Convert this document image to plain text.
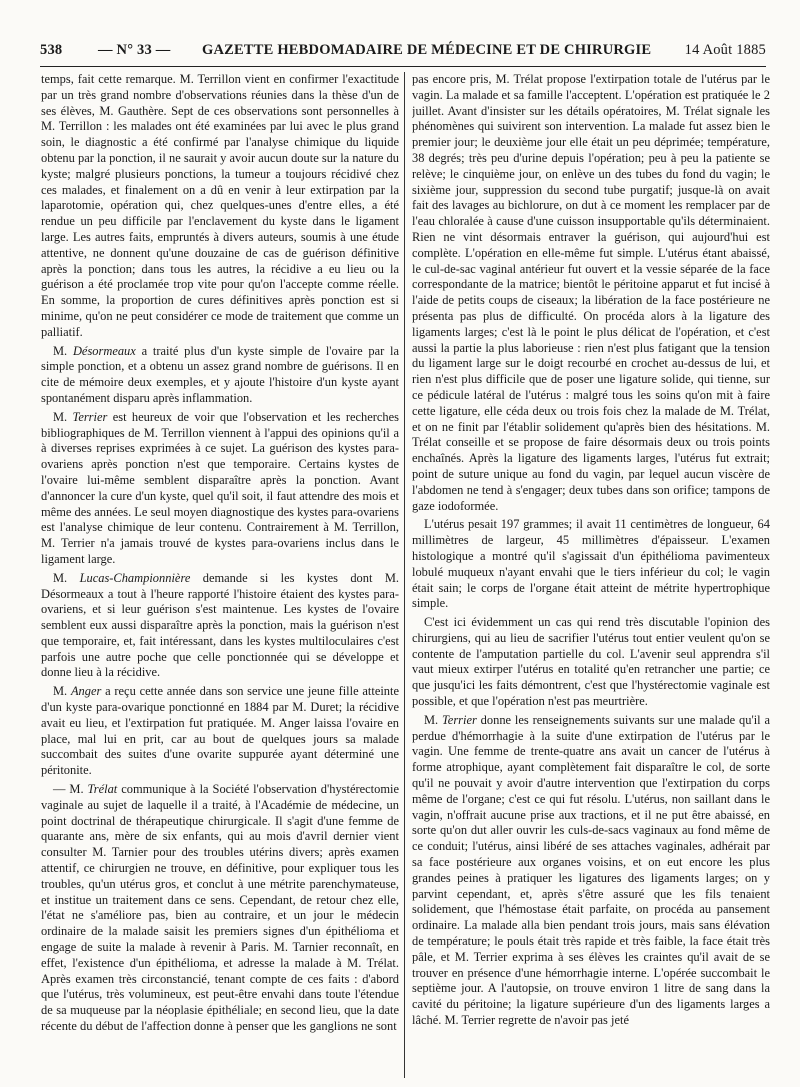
538 — N° 33 — GAZETTE HEBDOMADAIRE DE MÉDECINE ET DE CHIRURGIE 14 Août 1885

temps, fait cette remarque. M. Terrillon vient en confirmer l'exactitude par un très grand nombre d'observations réunies dans la thèse d'un de ses élèves, M. Gauthère. Sept de ces observations sont personnelles à M. Terrillon : les malades ont été examinées par lui avec le plus grand soin, le diagnostic a été confirmé par l'analyse chimique du liquide obtenu par la ponction, il ne saurait y avoir aucun doute sur la nature du kyste; malgré plusieurs ponctions, la tumeur a toujours récidivé chez ces malades, et finalement on a dû en venir à leur extirpation par la laparotomie, opération qui, chez quelques-unes d'entre elles, a été rendue un peu difficile par l'enclavement du kyste dans le ligament large. Les autres faits, empruntés à divers auteurs, soumis à une étude attentive, ne donnent qu'une douzaine de cas de guérison définitive après la ponction; dans tous les autres, la récidive a eu lieu ou la guérison a été proclamée trop vite pour qu'on l'accepte comme réelle. En somme, la proportion de cures définitives après ponction est si minime, qu'on ne peut considérer ce mode de traitement que comme un palliatif.

M. Désormeaux a traité plus d'un kyste simple de l'ovaire par la simple ponction, et a obtenu un assez grand nombre de guérisons. Il en cite de mémoire deux exemples, et y ajoute l'histoire d'un kyste ayant spontanément disparu après inflammation.

M. Terrier est heureux de voir que l'observation et les recherches bibliographiques de M. Terrillon viennent à l'appui des opinions qu'il a à diverses reprises exprimées à ce sujet. La guérison des kystes para-ovariens après ponction n'est que temporaire. Certains kystes de l'ovaire lui-même semblent disparaître après la ponction. Avant d'annoncer la cure d'un kyste, quel qu'il soit, il faut attendre des mois et même des années. Le seul moyen diagnostique des kystes para-ovariens est l'analyse chimique de leur contenu. Contrairement à M. Terrillon, M. Terrier n'a jamais trouvé de kystes para-ovariens inclus dans le ligament large.

M. Lucas-Championnière demande si les kystes dont M. Désormeaux a tout à l'heure rapporté l'histoire étaient des kystes para-ovariens, et si leur guérison s'est maintenue. Les kystes de l'ovaire semblent eux aussi disparaître après la ponction, mais la guérison n'est que temporaire, et, fait intéressant, dans les kystes multiloculaires c'est parfois une autre poche que celle ponctionnée qui se développe et donne lieu à la récidive.

M. Anger a reçu cette année dans son service une jeune fille atteinte d'un kyste para-ovarique ponctionné en 1884 par M. Duret; la récidive avait eu lieu, et l'extirpation fut pratiquée. M. Anger laissa l'ovaire en place, mal lui en prit, car au bout de quelques jours sa malade succombait des suites d'une ovarite suppurée ayant déterminé une péritonite.

— M. Trélat communique à la Société l'observation d'hystérectomie vaginale au sujet de laquelle il a traité, à l'Académie de médecine, un point doctrinal de thérapeutique chirurgicale. Il s'agit d'une femme de quarante ans, mère de six enfants, qui au mois d'avril dernier vient consulter M. Tarnier pour des troubles utérins divers; après examen attentif, ce chirurgien ne trouve, en définitive, pour expliquer tous les troubles, qu'un utérus gros, et conclut à une métrite parenchymateuse, et institue un traitement dans ce sens. Cependant, de retour chez elle, l'état ne s'améliore pas, bien au contraire, et un jour le médecin ordinaire de la malade saisit les premiers signes d'un épithélioma et engage de suite la malade à revenir à Paris. M. Tarnier reconnaît, en effet, l'existence d'un épithélioma, et adresse la malade à M. Trélat. Après examen très circonstancié, tenant compte de ces faits : d'abord que l'utérus, très volumineux, est peut-être envahi dans toute l'étendue de sa muqueuse par la néoplasie épithéliale; en second lieu, que la date récente du début de l'affection donne à penser que les ganglions ne sont

pas encore pris, M. Trélat propose l'extirpation totale de l'utérus par le vagin. La malade et sa famille l'acceptent. L'opération est pratiquée le 2 juillet. Avant d'insister sur les détails opératoires, M. Trélat signale les phénomènes qui suivirent son intervention. La malade fut assez bien le premier jour; le deuxième jour elle était un peu déprimée; température, 38 degrés; très peu d'urine depuis l'opération; peu à peu la patiente se relève; le cinquième jour, on enlève un des tubes du fond du vagin; le sixième jour, suppression du second tube purgatif; jusque-là on avait fait des lavages au bichlorure, on dut à ce moment les remplacer par de l'eau chloralée à cause d'une cuisson insupportable qu'ils déterminaient. Rien ne vint désormais entraver la guérison, qui aujourd'hui est complète. L'opération en elle-même fut simple. L'utérus étant abaissé, le cul-de-sac vaginal antérieur fut ouvert et la vessie séparée de la face correspondante de la matrice; bientôt le péritoine apparut et fut incisé à l'aide de petits coups de ciseaux; la libération de la face postérieure ne présenta pas plus de difficulté. On procéda alors à la ligature des ligaments larges; c'est là le point le plus délicat de l'opération, et c'est aussi la partie la plus laborieuse : rien n'est plus fatigant que la tension du ligament large sur le doigt recourbé en crochet au-dessus de lui, et rien n'est plus difficile que de poser une ligature solide, qui tienne, sur ce pédicule latéral de l'utérus : malgré tous les soins qu'on mit à faire cette ligature, elle céda deux ou trois fois chez la malade de M. Trélat, et on ne finit par l'établir solidement qu'après bien des hésitations. M. Trélat conseille et se propose de faire désormais deux ou trois points enchaînés. Après la ligature des ligaments larges, l'utérus fut extrait; point de suture unique au fond du vagin, par lequel aucun viscère de l'abdomen ne tend à s'engager; deux tubes dans son orifice; tampons de gaze iodoformée.

L'utérus pesait 197 grammes; il avait 11 centimètres de longueur, 64 millimètres de largeur, 45 millimètres d'épaisseur. L'examen histologique a montré qu'il s'agissait d'un épithélioma pavimenteux lobulé muqueux n'ayant envahi que le tiers inférieur du col; le vagin était sain; le corps de l'organe était atteint de métrite hypertrophique simple.

C'est ici évidemment un cas qui rend très discutable l'opinion des chirurgiens, qui au lieu de sacrifier l'utérus tout entier veulent qu'on se contente de l'amputation partielle du col. L'avenir seul apprendra s'il vaut mieux extirper l'utérus en totalité qu'en retrancher une partie; ce que jusqu'ici les faits démontrent, c'est que l'hystérectomie vaginale est possible, et que l'opération n'est pas meurtrière.

M. Terrier donne les renseignements suivants sur une malade qu'il a perdue d'hémorrhagie à la suite d'une extirpation de l'utérus par le vagin. Une femme de trente-quatre ans avait un cancer de l'utérus à forme atrophique, ayant complètement fait disparaître le col, de sorte qu'il ne pouvait y avoir d'autre intervention que l'extirpation du corps même de l'organe; c'est ce qui fut résolu. L'utérus, non saillant dans le vagin, n'offrait aucune prise aux tractions, et il ne put être abaissé, en sorte qu'on dut aller ouvrir les culs-de-sacs vaginaux au fond même de ce conduit; l'utérus, ainsi libéré de ses attaches vaginales, adhérait par sa face postérieure aux organes voisins, et on eut encore les plus grandes peines à pratiquer les ligatures des ligaments larges; on y parvint cependant, et, après s'être assuré que les fils tenaient solidement, que l'hémostase était parfaite, on procéda au pansement ordinaire. La malade alla bien pendant trois jours, mais sans élévation de température; le pouls était très rapide et très faible, la face était très pâle, et M. Terrier exprima à ses élèves les craintes qu'il avait de se trouver en présence d'une hémorrhagie interne. L'opérée succombait le septième jour. A l'autopsie, on trouve environ 1 litre de sang dans la cavité du péritoine; la ligature supérieure d'un des ligaments larges a lâché. M. Terrier regrette de n'avoir pas jeté
